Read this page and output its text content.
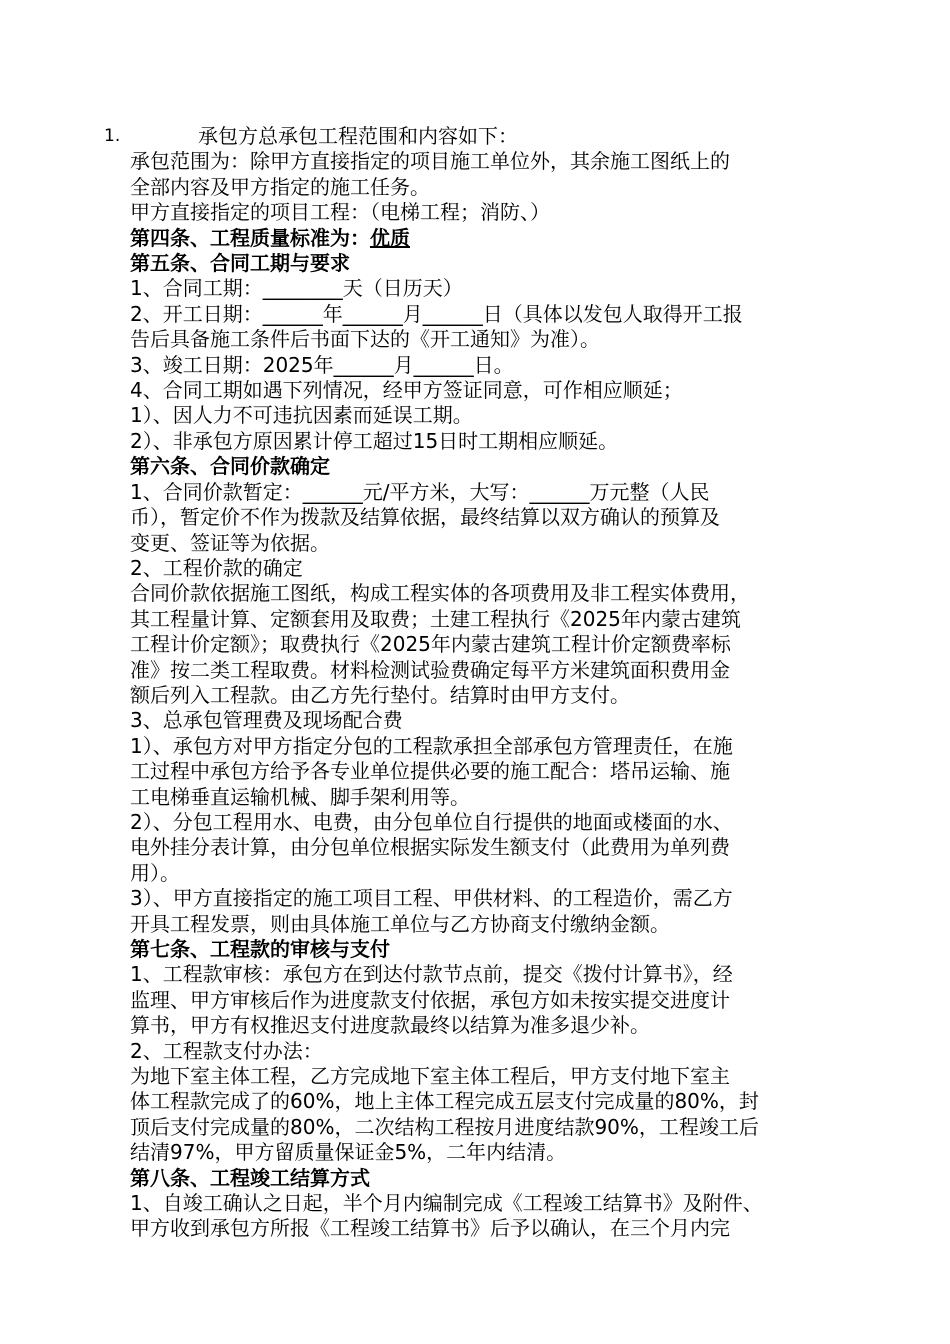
1.	承包方总承包工程范围和内容如下：
承包范围为：除甲方直接指定的项目施工单位外，其余施工图纸上的
全部内容及甲方指定的施工任务。
甲方直接指定的项目工程：（电梯工程；消防、）
第四条、工程质量标准为：优质
第五条、合同工期与要求
1、合同工期：________天（日历天）
2、开工日期：______年______月______日（具体以发包人取得开工报
告后具备施工条件后书面下达的《开工通知》为准）。
3、竣工日期：2025年______月______日。
4、合同工期如遇下列情况，经甲方签证同意，可作相应顺延；
1）、因人力不可违抗因素而延误工期。
2）、非承包方原因累计停工超过15日时工期相应顺延。
第六条、合同价款确定
1、合同价款暂定：______元/平方米，大写：______万元整（人民
币），暂定价不作为拨款及结算依据，最终结算以双方确认的预算及
变更、签证等为依据。
2、工程价款的确定
合同价款依据施工图纸，构成工程实体的各项费用及非工程实体费用，
其工程量计算、定额套用及取费；土建工程执行《2025年内蒙古建筑
工程计价定额》；取费执行《2025年内蒙古建筑工程计价定额费率标
准》按二类工程取费。材料检测试验费确定每平方米建筑面积费用金
额后列入工程款。由乙方先行垫付。结算时由甲方支付。
3、总承包管理费及现场配合费
1）、承包方对甲方指定分包的工程款承担全部承包方管理责任，在施
工过程中承包方给予各专业单位提供必要的施工配合：塔吊运输、施
工电梯垂直运输机械、脚手架利用等。
2）、分包工程用水、电费，由分包单位自行提供的地面或楼面的水、
电外挂分表计算，由分包单位根据实际发生额支付（此费用为单列费
用）。
3）、甲方直接指定的施工项目工程、甲供材料、的工程造价，需乙方
开具工程发票，则由具体施工单位与乙方协商支付缴纳金额。
第七条、工程款的审核与支付
1、工程款审核：承包方在到达付款节点前，提交《拨付计算书》，经
监理、甲方审核后作为进度款支付依据，承包方如未按实提交进度计
算书，甲方有权推迟支付进度款最终以结算为准多退少补。
2、工程款支付办法：
为地下室主体工程，乙方完成地下室主体工程后，甲方支付地下室主
体工程款完成了的60%，地上主体工程完成五层支付完成量的80%，封
顶后支付完成量的80%，二次结构工程按月进度结款90%，工程竣工后
结清97%，甲方留质量保证金5%，二年内结清。
第八条、工程竣工结算方式
1、自竣工确认之日起，半个月内编制完成《工程竣工结算书》及附件、
甲方收到承包方所报《工程竣工结算书》后予以确认，在三个月内完
